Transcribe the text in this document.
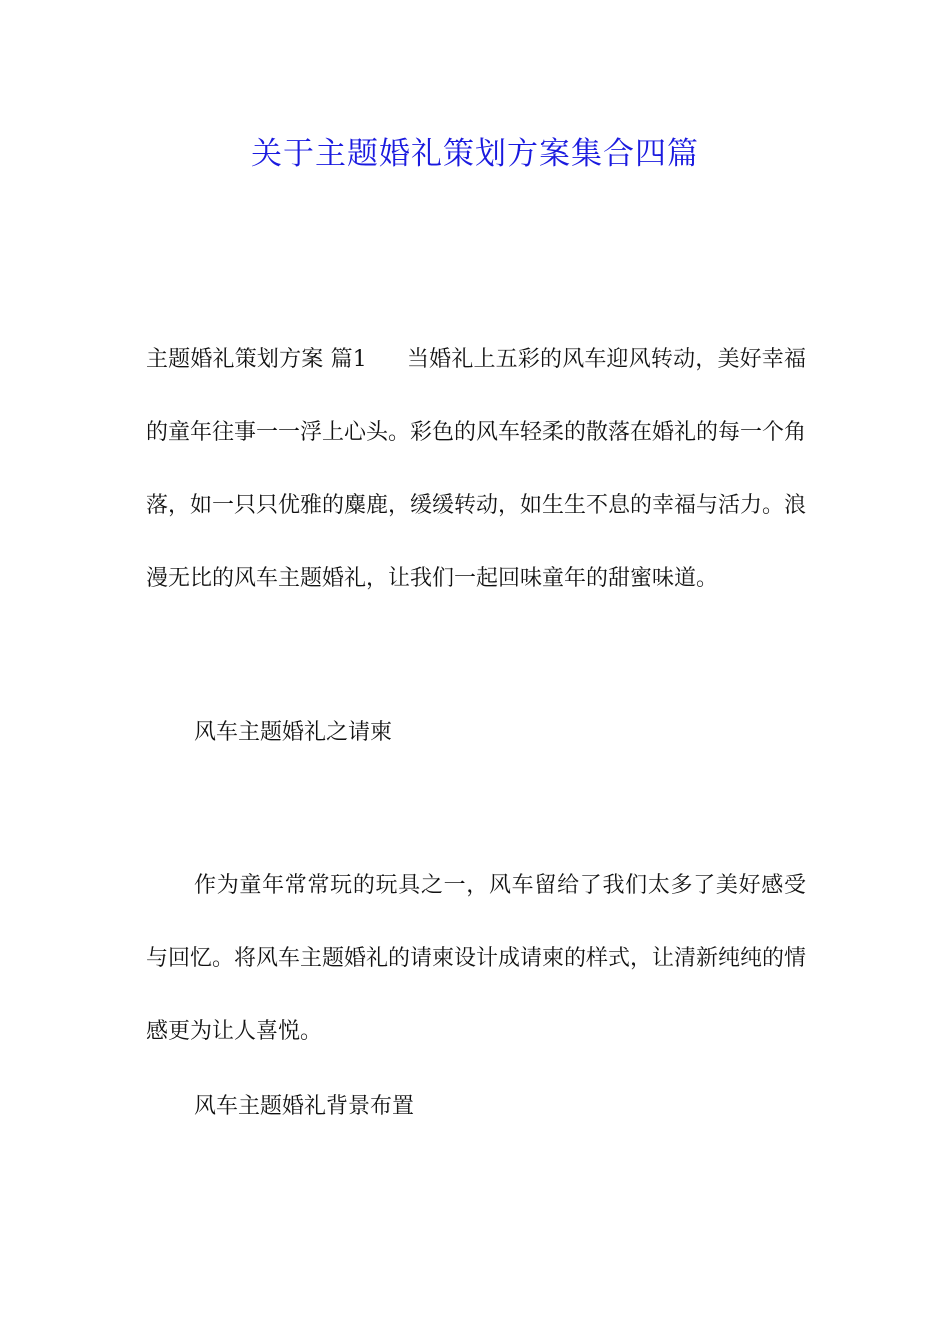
关于主题婚礼策划方案集合四篇

主题婚礼策划方案 篇1 当婚礼上五彩的风车迎风转动，美好幸福的童年往事一一浮上心头。彩色的风车轻柔的散落在婚礼的每一个角落，如一只只优雅的麋鹿，缓缓转动，如生生不息的幸福与活力。浪漫无比的风车主题婚礼，让我们一起回味童年的甜蜜味道。

风车主题婚礼之请柬

作为童年常常玩的玩具之一，风车留给了我们太多了美好感受与回忆。将风车主题婚礼的请柬设计成请柬的样式，让清新纯纯的情感更为让人喜悦。

风车主题婚礼背景布置
